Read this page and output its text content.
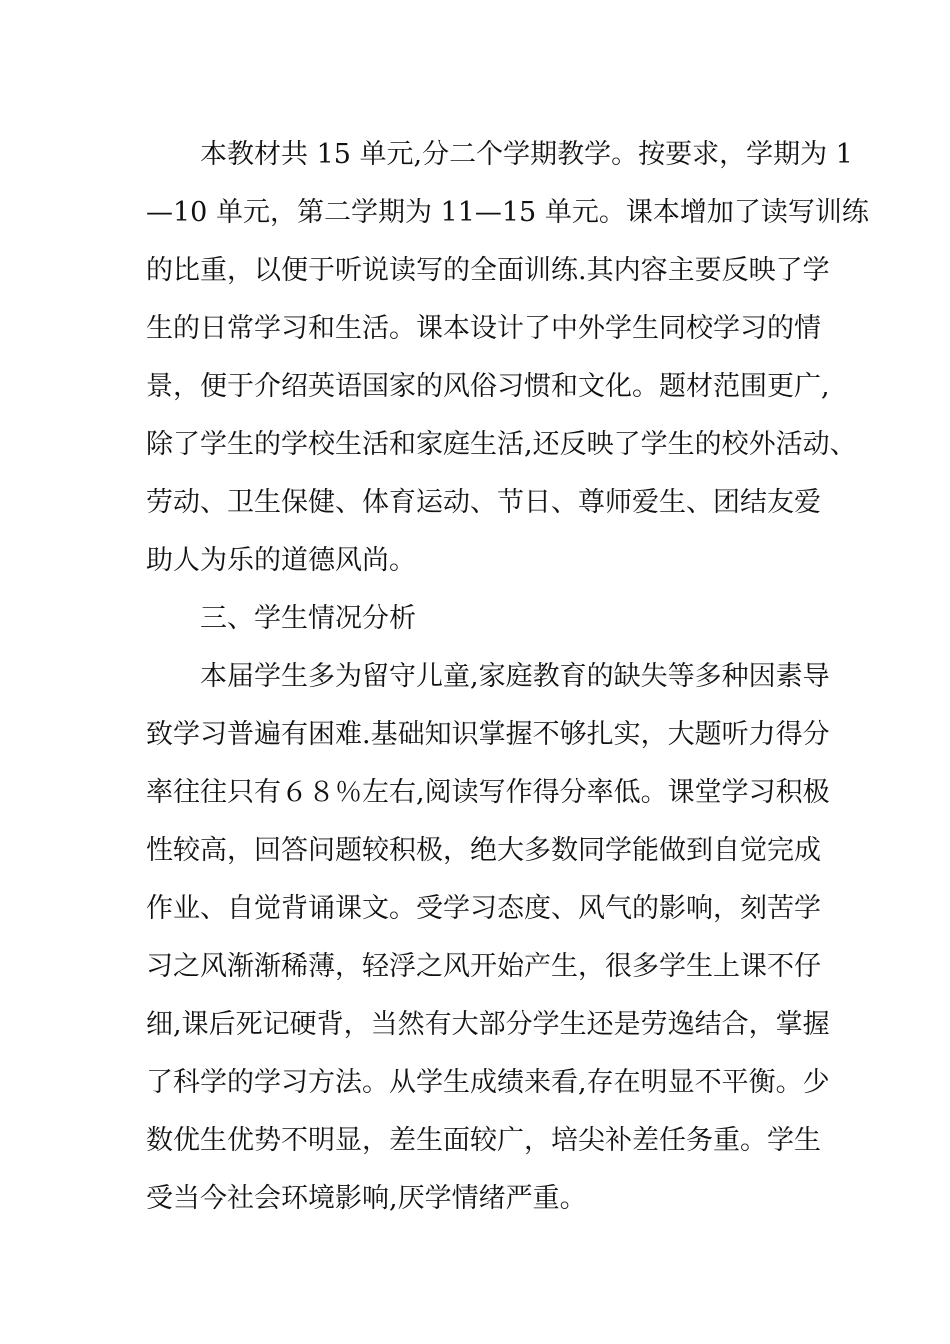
　　本教材共 15 单元,分二个学期教学。按要求，学期为 1
—10 单元，第二学期为 11—15 单元。课本增加了读写训练
的比重，以便于听说读写的全面训练.其内容主要反映了学
生的日常学习和生活。课本设计了中外学生同校学习的情
景，便于介绍英语国家的风俗习惯和文化。题材范围更广,
除了学生的学校生活和家庭生活,还反映了学生的校外活动、
劳动、卫生保健、体育运动、节日、尊师爱生、团结友爱
助人为乐的道德风尚。
　　三、学生情况分析
　　本届学生多为留守儿童,家庭教育的缺失等多种因素导
致学习普遍有困难.基础知识掌握不够扎实，大题听力得分
率往往只有６８％左右,阅读写作得分率低。课堂学习积极
性较高，回答问题较积极，绝大多数同学能做到自觉完成
作业、自觉背诵课文。受学习态度、风气的影响，刻苦学
习之风渐渐稀薄，轻浮之风开始产生，很多学生上课不仔
细,课后死记硬背，当然有大部分学生还是劳逸结合，掌握
了科学的学习方法。从学生成绩来看,存在明显不平衡。少
数优生优势不明显，差生面较广，培尖补差任务重。学生
受当今社会环境影响,厌学情绪严重。
